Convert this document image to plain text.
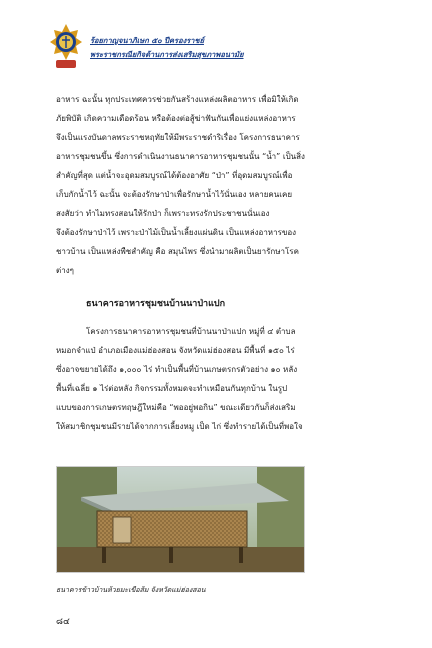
ร้อยกาญจนาภิเษก ๕๐ ปีครองราชย์
พระราชกรณียกิจด้านการส่งเสริมสุขภาพอนามัย
อาหาร ฉะนั้น ทุกประเทศควรช่วยกันสร้างแหล่งผลิตอาหาร เพื่อมิให้เกิด
ภัยพิบัติ เกิดความเดือดร้อน หรือต้องต่อสู้ฆ่าฟันกันเพื่อแย่งแหล่งอาหาร
จึงเป็นแรงบันดาลพระราชหฤทัยให้มีพระราชดำริเรื่อง โครงการธนาคาร
อาหารชุมชนขึ้น ซึ่งการดำเนินงานธนาคารอาหารชุมชนนั้น “น้ำ” เป็นสิ่ง
สำคัญที่สุด แต่น้ำจะอุดมสมบูรณ์ได้ต้องอาศัย “ป่า” ที่อุดมสมบูรณ์เพื่อ
เก็บกักน้ำไว้ ฉะนั้น จะต้องรักษาป่าเพื่อรักษาน้ำไว้นั่นเอง หลายคนเคย
สงสัยว่า ทำไมทรงสอนให้รักป่า ก็เพราะทรงรักประชาชนนั่นเอง
จึงต้องรักษาป่าไว้ เพราะป่าไม้เป็นน้ำเลี้ยงแผ่นดิน เป็นแหล่งอาหารของ
ชาวบ้าน เป็นแหล่งพืชสำคัญ คือ สมุนไพร ซึ่งนำมาผลิตเป็นยารักษาโรค
ต่างๆ
ธนาคารอาหารชุมชนบ้านนาป่าแปก
โครงการธนาคารอาหารชุมชนที่บ้านนาป่าแปก หมู่ที่ ๔ ตำบล
หมอกจำแป่ อำเภอเมืองแม่ฮ่องสอน จังหวัดแม่ฮ่องสอน มีพื้นที่ ๑๕๐ ไร่
ซึ่งอาจขยายได้ถึง ๑,๐๐๐ ไร่ ทำเป็นพื้นที่บ้านเกษตรกรตัวอย่าง ๑๐ หลัง
พื้นที่เฉลี่ย ๑ ไร่ต่อหลัง กิจกรรมทั้งหมดจะทำเหมือนกันทุกบ้าน ในรูป
แบบของการเกษตรทฤษฎีใหม่คือ “พออยู่พอกิน” ขณะเดียวกันก็ส่งเสริม
ให้สมาชิกชุมชนมีรายได้จากการเลี้ยงหมู เป็ด ไก่ ซึ่งทำรายได้เป็นที่พอใจ
ธนาคารข้าวบ้านห้วยมะเขือส้ม จังหวัดแม่ฮ่องสอน
๘๔
